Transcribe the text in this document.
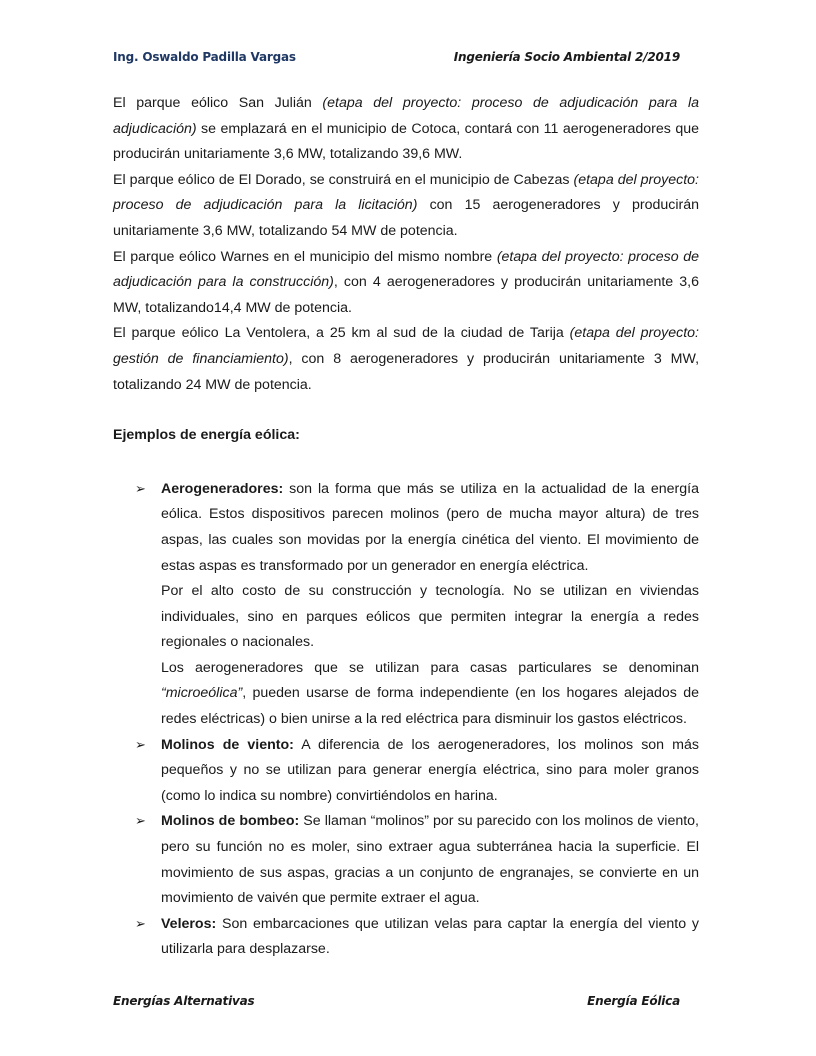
Ing. Oswaldo Padilla Vargas	Ingeniería Socio Ambiental 2/2019

El parque eólico San Julián (etapa del proyecto: proceso de adjudicación para la adjudicación) se emplazará en el municipio de Cotoca, contará con 11 aerogeneradores que producirán unitariamente 3,6 MW, totalizando 39,6 MW.

El parque eólico de El Dorado, se construirá en el municipio de Cabezas (etapa del proyecto: proceso de adjudicación para la licitación) con 15 aerogeneradores y producirán unitariamente 3,6 MW, totalizando 54 MW de potencia.

El parque eólico Warnes en el municipio del mismo nombre (etapa del proyecto: proceso de adjudicación para la construcción), con 4 aerogeneradores y producirán unitariamente 3,6 MW, totalizando14,4 MW de potencia.

El parque eólico La Ventolera, a 25 km al sud de la ciudad de Tarija (etapa del proyecto: gestión de financiamiento), con 8 aerogeneradores y producirán unitariamente 3 MW, totalizando 24 MW de potencia.

Ejemplos de energía eólica:

➢ Aerogeneradores: son la forma que más se utiliza en la actualidad de la energía eólica. Estos dispositivos parecen molinos (pero de mucha mayor altura) de tres aspas, las cuales son movidas por la energía cinética del viento. El movimiento de estas aspas es transformado por un generador en energía eléctrica.
Por el alto costo de su construcción y tecnología. No se utilizan en viviendas individuales, sino en parques eólicos que permiten integrar la energía a redes regionales o nacionales.
Los aerogeneradores que se utilizan para casas particulares se denominan “microeólica”, pueden usarse de forma independiente (en los hogares alejados de redes eléctricas) o bien unirse a la red eléctrica para disminuir los gastos eléctricos.
➢ Molinos de viento: A diferencia de los aerogeneradores, los molinos son más pequeños y no se utilizan para generar energía eléctrica, sino para moler granos (como lo indica su nombre) convirtiéndolos en harina.
➢ Molinos de bombeo: Se llaman “molinos” por su parecido con los molinos de viento, pero su función no es moler, sino extraer agua subterránea hacia la superficie. El movimiento de sus aspas, gracias a un conjunto de engranajes, se convierte en un movimiento de vaivén que permite extraer el agua.
➢ Veleros: Son embarcaciones que utilizan velas para captar la energía del viento y utilizarla para desplazarse.
Energías Alternativas	Energía Eólica
